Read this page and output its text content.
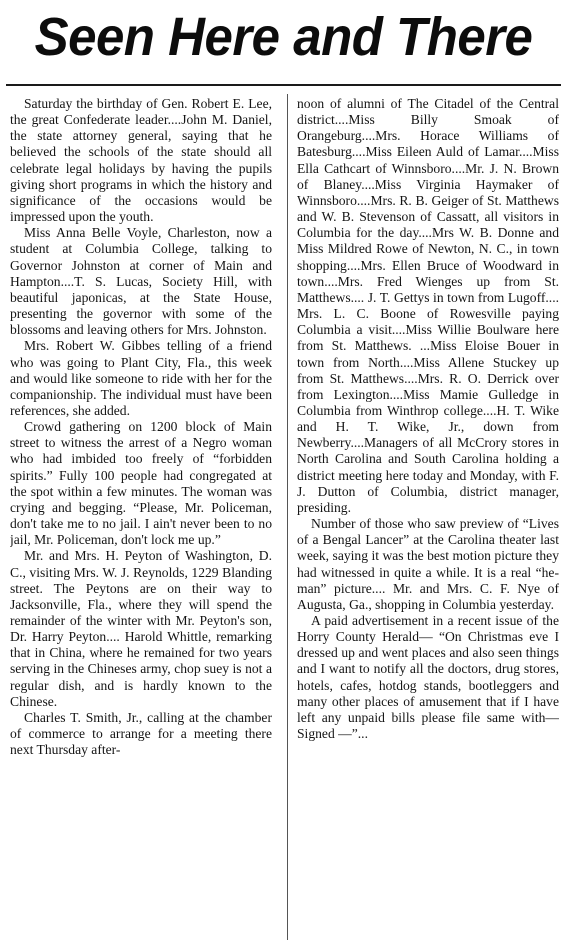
Seen Here and There

Saturday the birthday of Gen. Robert E. Lee, the great Confederate leader....John M. Daniel, the state attorney general, saying that he believed the schools of the state should all celebrate legal holidays by having the pupils giving short programs in which the history and significance of the occasions would be impressed upon the youth.

Miss Anna Belle Voyle, Charleston, now a student at Columbia College, talking to Governor Johnston at corner of Main and Hampton....T. S. Lucas, Society Hill, with beautiful japonicas, at the State House, presenting the governor with some of the blossoms and leaving others for Mrs. Johnston.

Mrs. Robert W. Gibbes telling of a friend who was going to Plant City, Fla., this week and would like someone to ride with her for the companionship. The individual must have been references, she added.

Crowd gathering on 1200 block of Main street to witness the arrest of a Negro woman who had imbided too freely of “forbidden spirits.” Fully 100 people had congregated at the spot within a few minutes. The woman was crying and begging. “Please, Mr. Policeman, don't take me to no jail. I ain't never been to no jail, Mr. Policeman, don't lock me up.”

Mr. and Mrs. H. Peyton of Washington, D. C., visiting Mrs. W. J. Reynolds, 1229 Blanding street. The Peytons are on their way to Jacksonville, Fla., where they will spend the remainder of the winter with Mr. Peyton's son, Dr. Harry Peyton.... Harold Whittle, remarking that in China, where he remained for two years serving in the Chineses army, chop suey is not a regular dish, and is hardly known to the Chinese.

Charles T. Smith, Jr., calling at the chamber of commerce to arrange for a meeting there next Thursday after-

noon of alumni of The Citadel of the Central district....Miss Billy Smoak of Orangeburg....Mrs. Horace Williams of Batesburg....Miss Eileen Auld of Lamar....Miss Ella Cathcart of Winnsboro....Mr. J. N. Brown of Blaney....Miss Virginia Haymaker of Winnsboro....Mrs. R. B. Geiger of St. Matthews and W. B. Stevenson of Cassatt, all visitors in Columbia for the day....Mrs W. B. Donne and Miss Mildred Rowe of Newton, N. C., in town shopping....Mrs. Ellen Bruce of Woodward in town....Mrs. Fred Wienges up from St. Matthews.... J. T. Gettys in town from Lugoff.... Mrs. L. C. Boone of Rowesville paying Columbia a visit....Miss Willie Boulware here from St. Matthews. ...Miss Eloise Bouer in town from North....Miss Allene Stuckey up from St. Matthews....Mrs. R. O. Derrick over from Lexington....Miss Mamie Gulledge in Columbia from Winthrop college....H. T. Wike and H. T. Wike, Jr., down from Newberry....Managers of all McCrory stores in North Carolina and South Carolina holding a district meeting here today and Monday, with F. J. Dutton of Columbia, district manager, presiding.

Number of those who saw preview of “Lives of a Bengal Lancer” at the Carolina theater last week, saying it was the best motion picture they had witnessed in quite a while. It is a real “he-man” picture.... Mr. and Mrs. C. F. Nye of Augusta, Ga., shopping in Columbia yesterday.

A paid advertisement in a recent issue of the Horry County Herald— “On Christmas eve I dressed up and went places and also seen things and I want to notify all the doctors, drug stores, hotels, cafes, hotdog stands, bootleggers and many other places of amusement that if I have left any unpaid bills please file same with— Signed —”...
